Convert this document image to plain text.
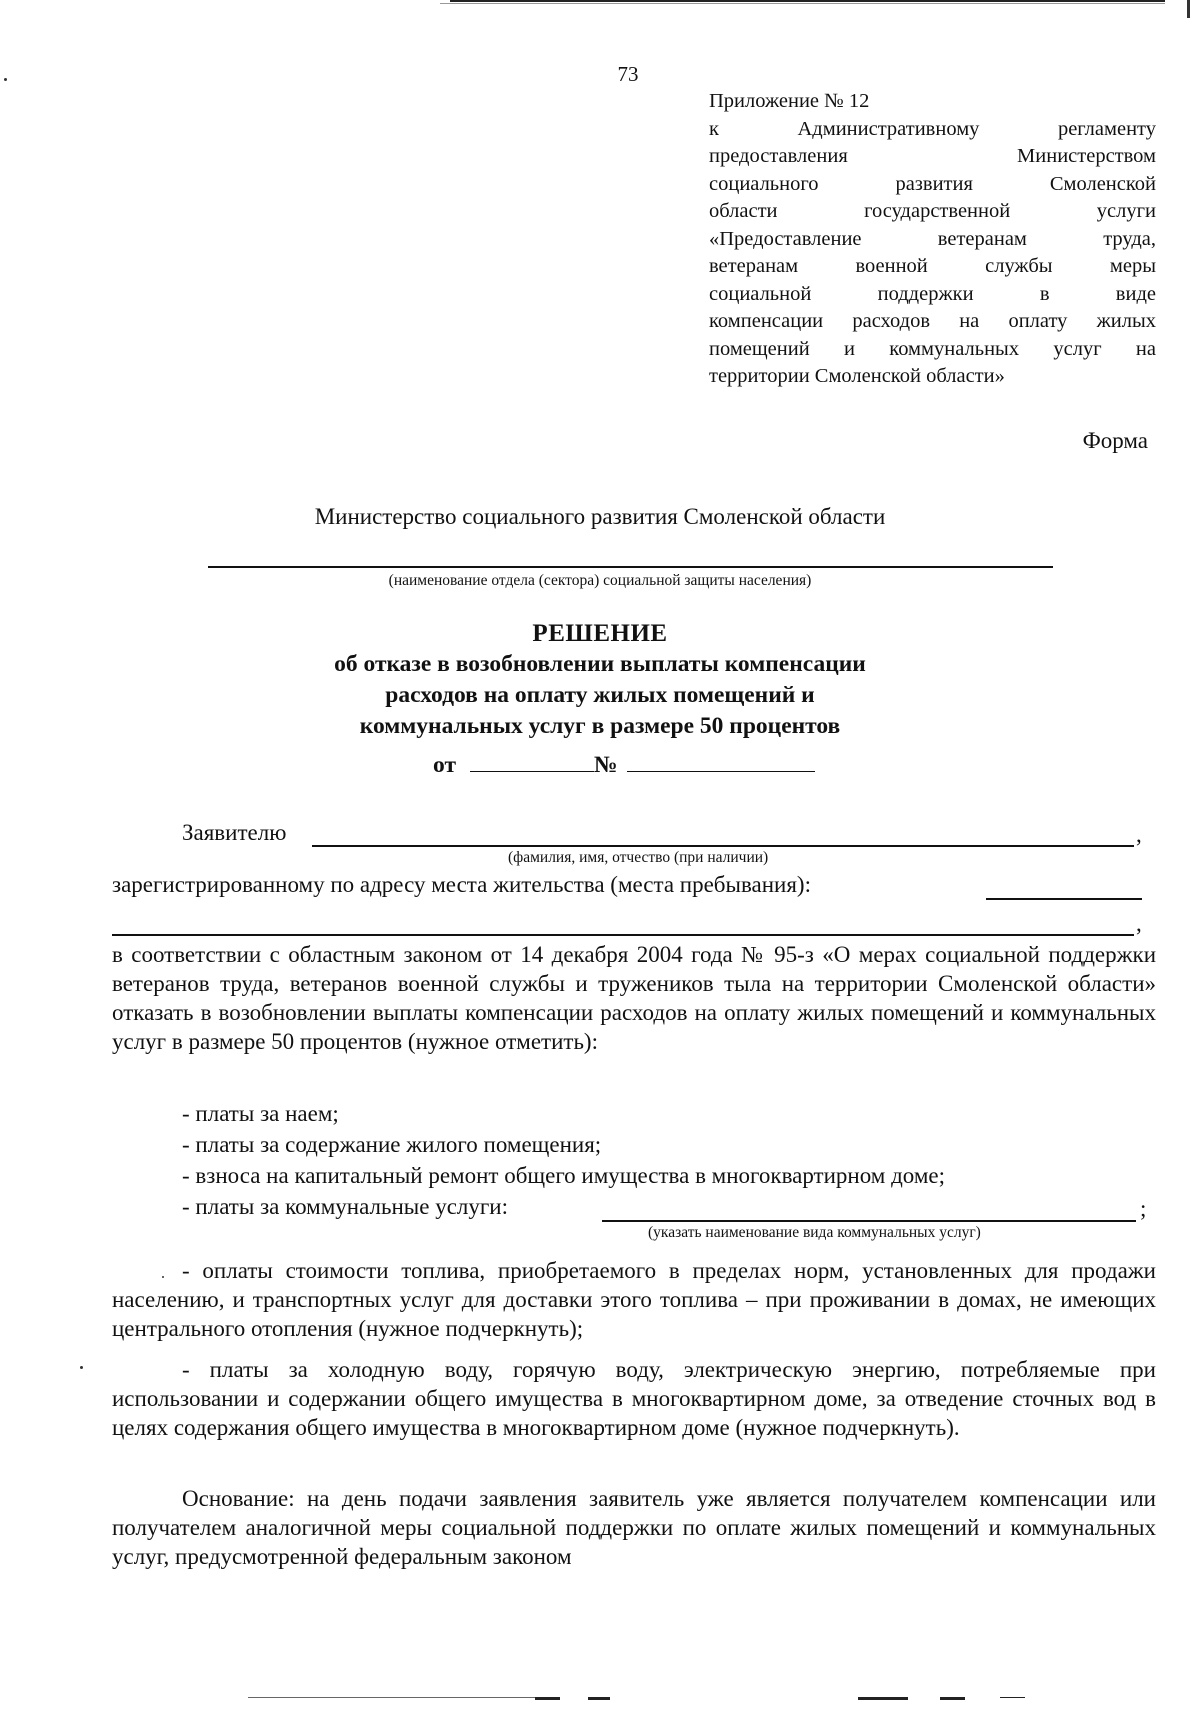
73
Приложение № 12
к Административному регламенту
предоставления Министерством
социального развития Смоленской
области государственной услуги
«Предоставление ветеранам труда,
ветеранам военной службы меры
социальной поддержки в виде
компенсации расходов на оплату жилых
помещений и коммунальных услуг на
территории Смоленской области»
Форма
Министерство социального развития Смоленской области
(наименование отдела (сектора) социальной защиты населения)
РЕШЕНИЕ
об отказе в возобновлении выплаты компенсации
расходов на оплату жилых помещений и
коммунальных услуг в размере 50 процентов
от	№
Заявителю	,
(фамилия, имя, отчество (при наличии)
зарегистрированному по адресу места жительства (места пребывания):
,
в соответствии с областным законом от 14 декабря 2004 года № 95-з «О мерах социальной поддержки ветеранов труда, ветеранов военной службы и тружеников тыла на территории Смоленской области» отказать в возобновлении выплаты компенсации расходов на оплату жилых помещений и коммунальных услуг в размере 50 процентов (нужное отметить):
- платы за наем;
- платы за содержание жилого помещения;
- взноса на капитальный ремонт общего имущества в многоквартирном доме;
- платы за коммунальные услуги:	;
(указать наименование вида коммунальных услуг)
- оплаты стоимости топлива, приобретаемого в пределах норм, установленных для продажи населению, и транспортных услуг для доставки этого топлива – при проживании в домах, не имеющих центрального отопления (нужное подчеркнуть);
- платы за холодную воду, горячую воду, электрическую энергию, потребляемые при использовании и содержании общего имущества в многоквартирном доме, за отведение сточных вод в целях содержания общего имущества в многоквартирном доме (нужное подчеркнуть).
Основание: на день подачи заявления заявитель уже является получателем компенсации или получателем аналогичной меры социальной поддержки по оплате жилых помещений и коммунальных услуг, предусмотренной федеральным законом
